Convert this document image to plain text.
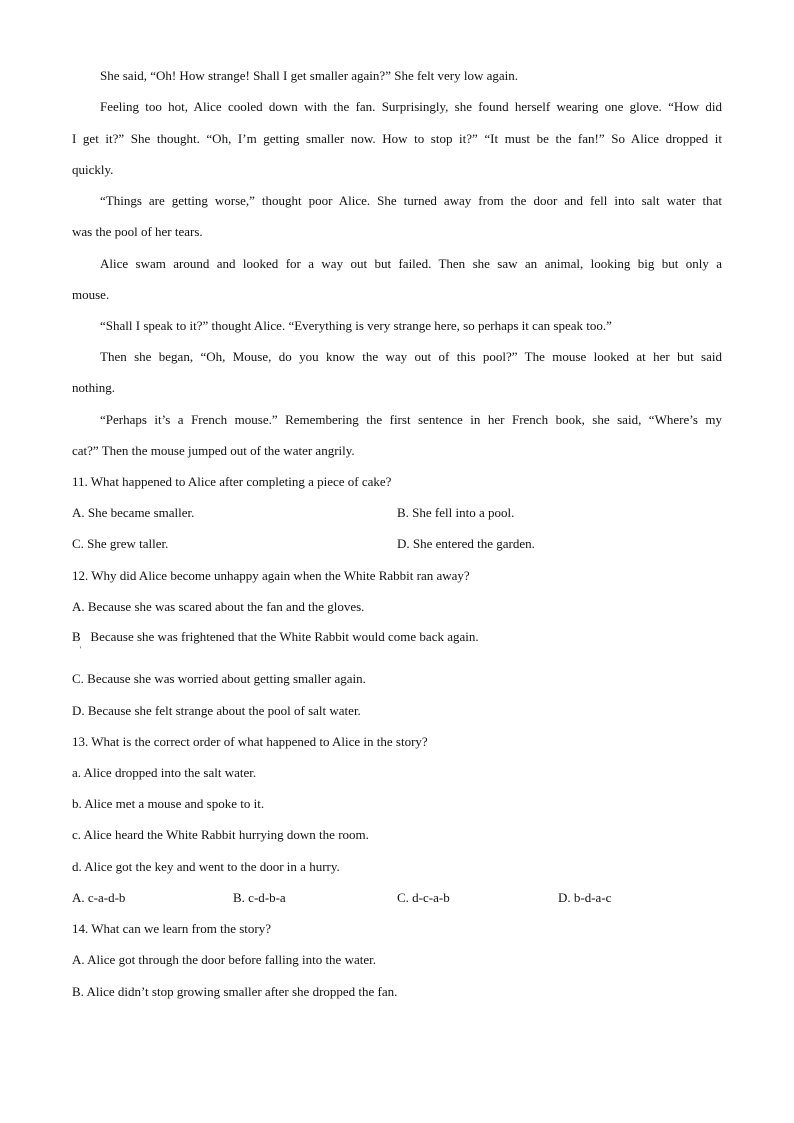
She said, “Oh! How strange! Shall I get smaller again?” She felt very low again.
Feeling too hot, Alice cooled down with the fan. Surprisingly, she found herself wearing one glove. “How did
I get it?” She thought. “Oh, I’m getting smaller now. How to stop it?” “It must be the fan!” So Alice dropped it
quickly.
“Things are getting worse,” thought poor Alice. She turned away from the door and fell into salt water that
was the pool of her tears.
Alice swam around and looked for a way out but failed. Then she saw an animal, looking big but only a
mouse.
“Shall I speak to it?” thought Alice. “Everything is very strange here, so perhaps it can speak too.”
Then she began, “Oh, Mouse, do you know the way out of this pool?” The mouse looked at her but said
nothing.
“Perhaps it’s a French mouse.” Remembering the first sentence in her French book, she said, “Where’s my
cat?” Then the mouse jumped out of the water angrily.
11. What happened to Alice after completing a piece of cake?
A. She became smaller.	B. She fell into a pool.
C. She grew taller.	D. She entered the garden.
12. Why did Alice become unhappy again when the White Rabbit ran away?
A. Because she was scared about the fan and the gloves.
B   Because she was frightened that the White Rabbit would come back again.
'
C. Because she was worried about getting smaller again.
D. Because she felt strange about the pool of salt water.
13. What is the correct order of what happened to Alice in the story?
a. Alice dropped into the salt water.
b. Alice met a mouse and spoke to it.
c. Alice heard the White Rabbit hurrying down the room.
d. Alice got the key and went to the door in a hurry.
A. c-a-d-b	B. c-d-b-a	C. d-c-a-b	D. b-d-a-c
14. What can we learn from the story?
A. Alice got through the door before falling into the water.
B. Alice didn’t stop growing smaller after she dropped the fan.
